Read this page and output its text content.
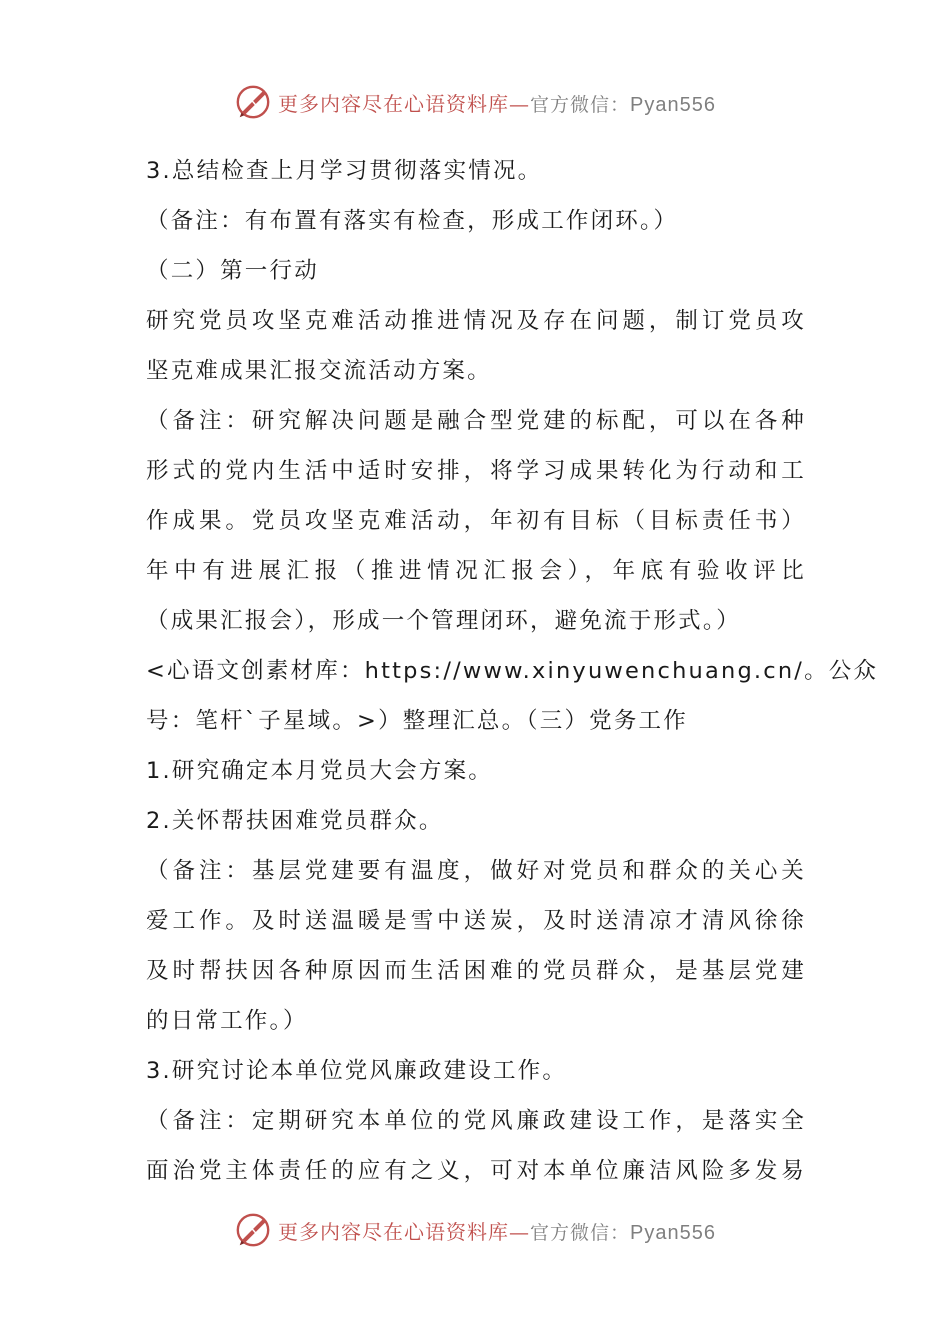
更多内容尽在心语资料库—官方微信：Pyan556
3.总结检查上月学习贯彻落实情况。
（备注：有布置有落实有检查，形成工作闭环。）
（二）第一行动
研究党员攻坚克难活动推进情况及存在问题，制订党员攻
坚克难成果汇报交流活动方案。
（备注：研究解决问题是融合型党建的标配，可以在各种
形式的党内生活中适时安排，将学习成果转化为行动和工
作成果。党员攻坚克难活动，年初有目标（目标责任书）
年中有进展汇报（推进情况汇报会），年底有验收评比
（成果汇报会），形成一个管理闭环，避免流于形式。）
<心语文创素材库：https://www.xinyuwenchuang.cn/。公众
号：笔杆`子星域。>）整理汇总。（三）党务工作
1.研究确定本月党员大会方案。
2.关怀帮扶困难党员群众。
（备注：基层党建要有温度，做好对党员和群众的关心关
爱工作。及时送温暖是雪中送炭，及时送清凉才清风徐徐
及时帮扶因各种原因而生活困难的党员群众，是基层党建
的日常工作。）
3.研究讨论本单位党风廉政建设工作。
（备注：定期研究本单位的党风廉政建设工作，是落实全
面治党主体责任的应有之义，可对本单位廉洁风险多发易
更多内容尽在心语资料库—官方微信：Pyan556
